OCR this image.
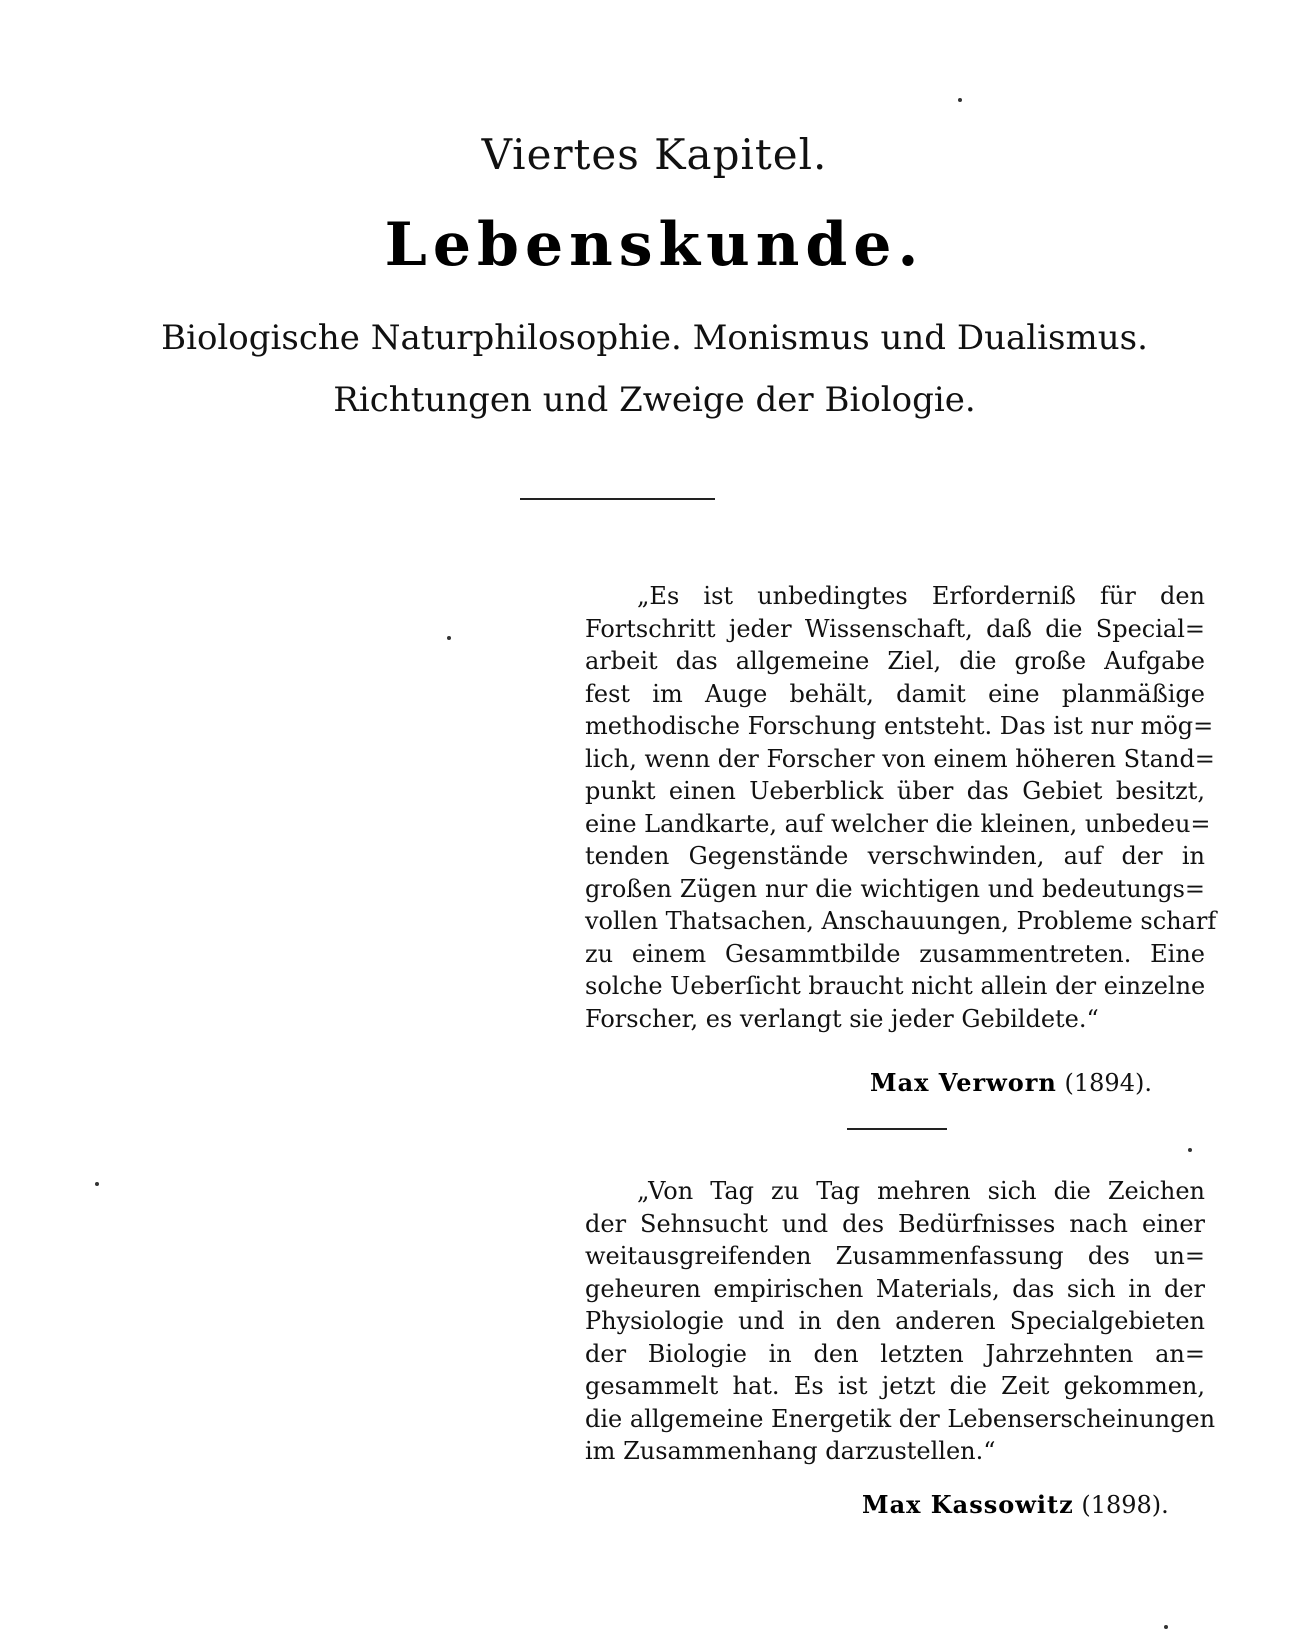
Viertes Kapitel.
Lebenskunde.
Biologische Naturphilosophie. Monismus und Dualismus.
Richtungen und Zweige der Biologie.
„Es ist unbedingtes Erforderniß für den
Fortschritt jeder Wissenschaft, daß die Special=
arbeit das allgemeine Ziel, die große Aufgabe
fest im Auge behält, damit eine planmäßige
methodische Forschung entsteht. Das ist nur mög=
lich, wenn der Forscher von einem höheren Stand=
punkt einen Ueberblick über das Gebiet besitzt,
eine Landkarte, auf welcher die kleinen, unbedeu=
tenden Gegenstände verschwinden, auf der in
großen Zügen nur die wichtigen und bedeutungs=
vollen Thatsachen, Anschauungen, Probleme scharf
zu einem Gesammtbilde zusammentreten. Eine
solche Ueberſicht braucht nicht allein der einzelne
Forscher, es verlangt sie jeder Gebildete.“
Max Verworn (1894).
„Von Tag zu Tag mehren sich die Zeichen
der Sehnsucht und des Bedürfnisses nach einer
weitausgreifenden Zusammenfassung des un=
geheuren empirischen Materials, das sich in der
Physiologie und in den anderen Specialgebieten
der Biologie in den letzten Jahrzehnten an=
gesammelt hat. Es ist jetzt die Zeit gekommen,
die allgemeine Energetik der Lebenserscheinungen
im Zusammenhang darzustellen.“
Max Kassowitz (1898).
